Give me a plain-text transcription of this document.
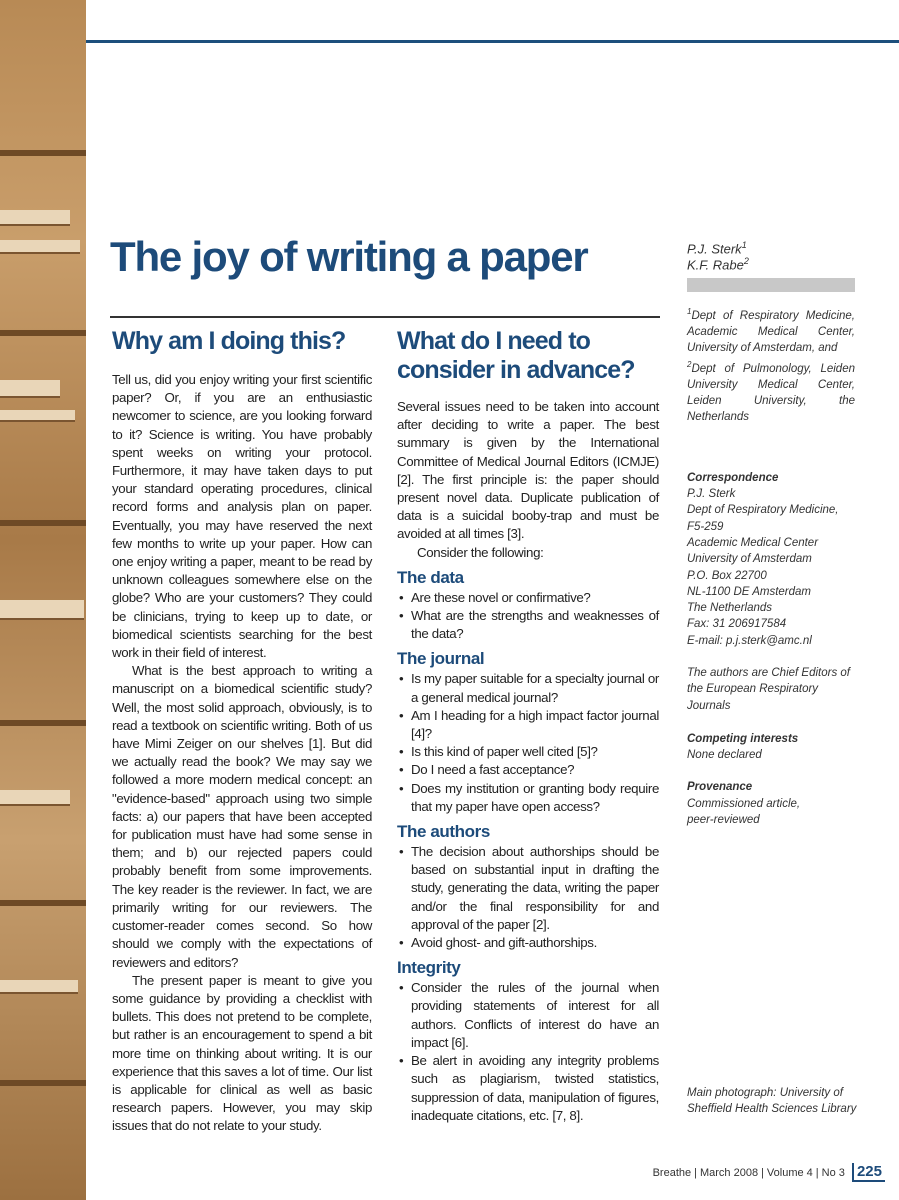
The joy of writing a paper	P.J. Sterk$^1$
K.F. Rabe$^2$
$^1$Dept of Respiratory Medicine, Academic Medical Center, University of Amsterdam, and
$^2$Dept of Pulmonology, Leiden University Medical Center, Leiden University, the Netherlands
Correspondence
P.J. Sterk
Dept of Respiratory Medicine, F5-259
Academic Medical Center
University of Amsterdam
P.O. Box 22700
NL-1100 DE Amsterdam
The Netherlands
Fax: 31 206917584
E-mail: p.j.sterk@amc.nl
The authors are Chief Editors of the European Respiratory Journals
Competing interests
None declared
Provenance
Commissioned article,
peer-reviewed
Main photograph: University of Sheffield Health Sciences Library
Why am I doing this?

Tell us, did you enjoy writing your first scientific paper? Or, if you are an enthusiastic newcomer to science, are you looking forward to it? Science is writing. You have probably spent weeks on writing your protocol. Furthermore, it may have taken days to put your standard operating procedures, clinical record forms and analysis plan on paper. Eventually, you may have reserved the next few months to write up your paper. How can one enjoy writing a paper, meant to be read by unknown colleagues somewhere else on the globe? Who are your customers? They could be clinicians, trying to keep up to date, or biomedical scientists searching for the best work in their field of interest.

What is the best approach to writing a manuscript on a biomedical scientific study? Well, the most solid approach, obviously, is to read a textbook on scientific writing. Both of us have Mimi Zeiger on our shelves [1]. But did we actually read the book? We may say we followed a more modern medical concept: an "evidence-based" approach using two simple facts: a) our papers that have been accepted for publication must have had some sense in them; and b) our rejected papers could probably benefit from some improvements. The key reader is the reviewer. In fact, we are primarily writing for our reviewers. The customer-reader comes second. So how should we comply with the expectations of reviewers and editors?

The present paper is meant to give you some guidance by providing a checklist with bullets. This does not pretend to be complete, but rather is an encouragement to spend a bit more time on thinking about writing. It is our experience that this saves a lot of time. Our list is applicable for clinical as well as basic research papers. However, you may skip issues that do not relate to your study.

What do I need to consider in advance?

Several issues need to be taken into account after deciding to write a paper. The best summary is given by the International Committee of Medical Journal Editors (ICMJE) [2]. The first principle is: the paper should present novel data. Duplicate publication of data is a suicidal booby-trap and must be avoided at all times [3].

Consider the following:

The data
• Are these novel or confirmative?
• What are the strengths and weaknesses of the data?
The journal
• Is my paper suitable for a specialty journal or a general medical journal?
• Am I heading for a high impact factor journal [4]?
• Is this kind of paper well cited [5]?
• Do I need a fast acceptance?
• Does my institution or granting body require that my paper have open access?
The authors
• The decision about authorships should be based on substantial input in drafting the study, generating the data, writing the paper and/or the final responsibility for and approval of the paper [2].
• Avoid ghost- and gift-authorships.
Integrity
• Consider the rules of the journal when providing statements of interest for all authors. Conflicts of interest do have an impact [6].
• Be alert in avoiding any integrity problems such as plagiarism, twisted statistics, suppression of data, manipulation of figures, inadequate citations, etc. [7, 8].
Breathe | March 2008 | Volume 4 | No 3 225
